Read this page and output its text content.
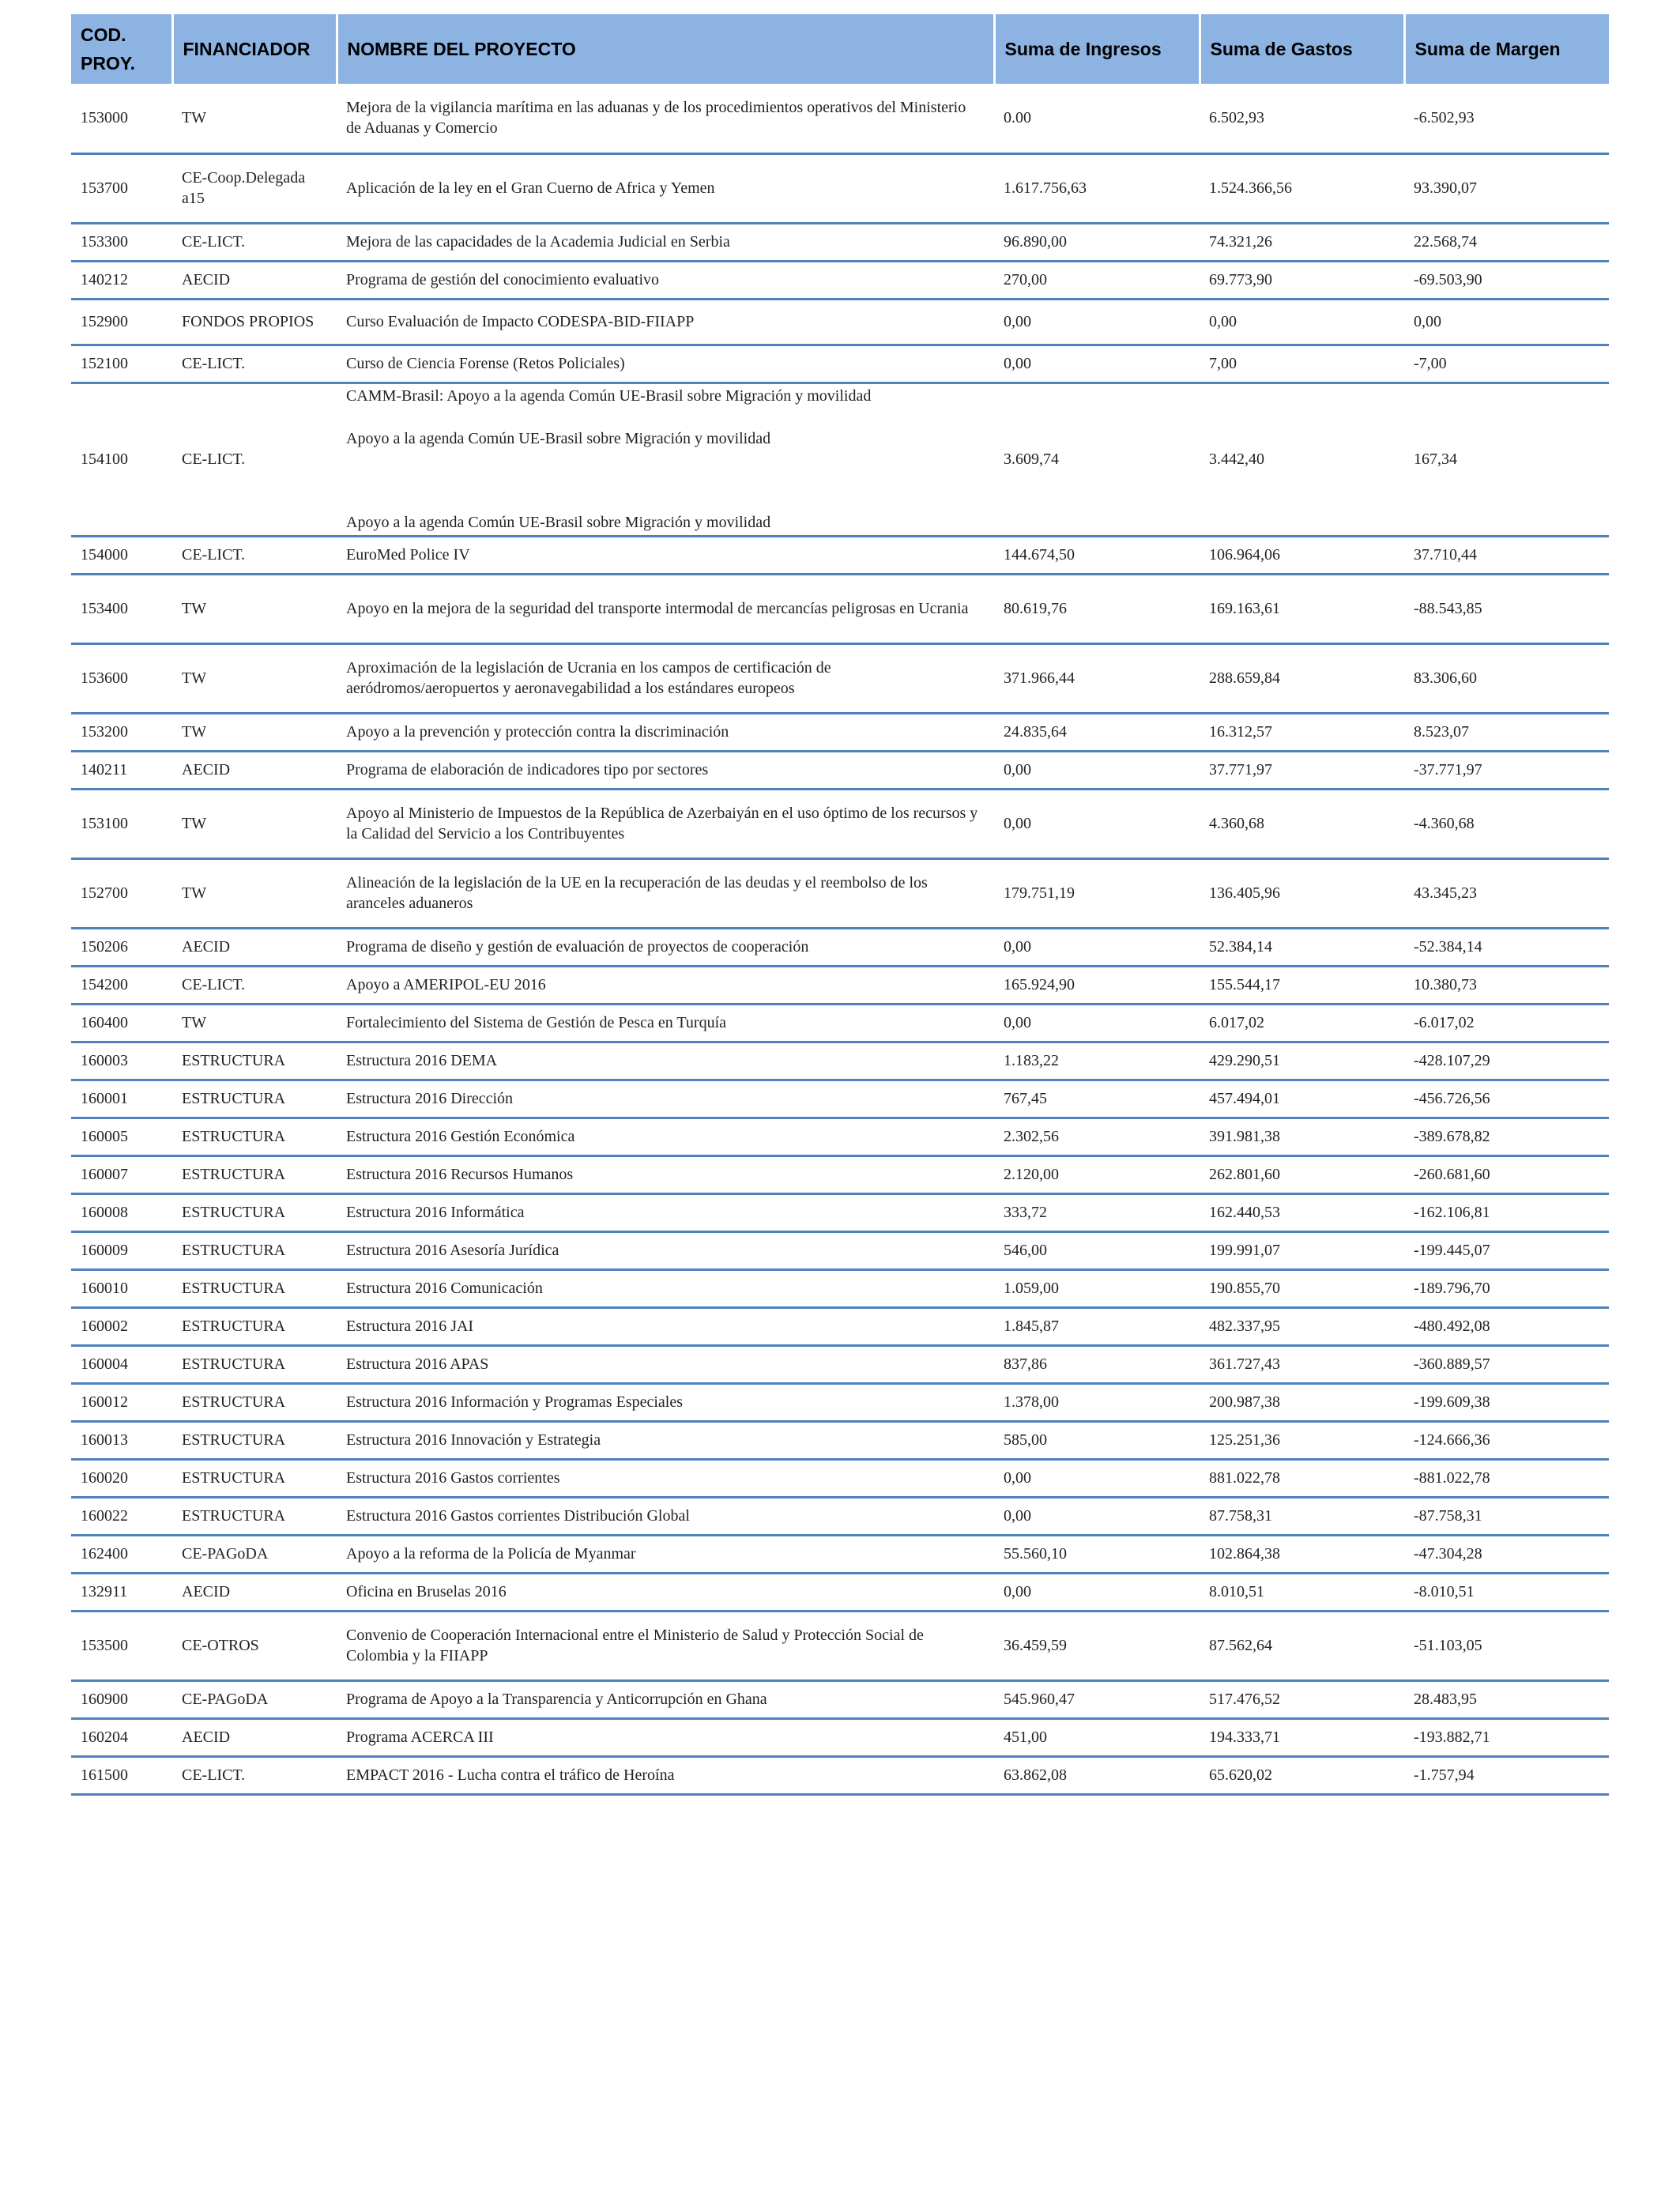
COD. PROY.	FINANCIADOR	NOMBRE DEL PROYECTO	Suma de Ingresos	Suma de Gastos	Suma de Margen
153000	TW	Mejora de la vigilancia marítima en las aduanas y de los procedimientos operativos del Ministerio de Aduanas y Comercio	0.00	6.502,93	-6.502,93
153700	CE-Coop.Delegada a15	Aplicación de la ley en el Gran Cuerno de Africa y Yemen	1.617.756,63	1.524.366,56	93.390,07
153300	CE-LICT.	Mejora de las capacidades de la Academia Judicial en Serbia	96.890,00	74.321,26	22.568,74
140212	AECID	Programa de gestión del conocimiento evaluativo	270,00	69.773,90	-69.503,90
152900	FONDOS PROPIOS	Curso Evaluación de Impacto CODESPA-BID-FIIAPP	0,00	0,00	0,00
152100	CE-LICT.	Curso de Ciencia Forense (Retos Policiales)	0,00	7,00	-7,00
154100	CE-LICT.	CAMM-Brasil: Apoyo a la agenda Común UE-Brasil sobre Migración y movilidad
Apoyo a la agenda Común UE-Brasil sobre Migración y movilidad
Apoyo a la agenda Común UE-Brasil sobre Migración y movilidad	3.609,74	3.442,40	167,34
154000	CE-LICT.	EuroMed Police IV	144.674,50	106.964,06	37.710,44
153400	TW	Apoyo en la mejora de la seguridad del transporte intermodal de mercancías peligrosas en Ucrania	80.619,76	169.163,61	-88.543,85
153600	TW	Aproximación de la legislación de Ucrania en los campos de certificación de aeródromos/aeropuertos y aeronavegabilidad a los estándares europeos	371.966,44	288.659,84	83.306,60
153200	TW	Apoyo a la prevención y protección contra la discriminación	24.835,64	16.312,57	8.523,07
140211	AECID	Programa de elaboración de indicadores tipo por sectores	0,00	37.771,97	-37.771,97
153100	TW	Apoyo al Ministerio de Impuestos de la República de Azerbaiyán en el uso óptimo de los recursos y la Calidad del Servicio a los Contribuyentes	0,00	4.360,68	-4.360,68
152700	TW	Alineación de la legislación de la UE en la recuperación de las deudas y el reembolso de los aranceles aduaneros	179.751,19	136.405,96	43.345,23
150206	AECID	Programa de diseño y gestión de evaluación de proyectos de cooperación	0,00	52.384,14	-52.384,14
154200	CE-LICT.	Apoyo a AMERIPOL-EU 2016	165.924,90	155.544,17	10.380,73
160400	TW	Fortalecimiento del Sistema de Gestión de Pesca en Turquía	0,00	6.017,02	-6.017,02
160003	ESTRUCTURA	Estructura 2016 DEMA	1.183,22	429.290,51	-428.107,29
160001	ESTRUCTURA	Estructura 2016 Dirección	767,45	457.494,01	-456.726,56
160005	ESTRUCTURA	Estructura 2016 Gestión Económica	2.302,56	391.981,38	-389.678,82
160007	ESTRUCTURA	Estructura 2016 Recursos Humanos	2.120,00	262.801,60	-260.681,60
160008	ESTRUCTURA	Estructura 2016 Informática	333,72	162.440,53	-162.106,81
160009	ESTRUCTURA	Estructura 2016 Asesoría Jurídica	546,00	199.991,07	-199.445,07
160010	ESTRUCTURA	Estructura 2016 Comunicación	1.059,00	190.855,70	-189.796,70
160002	ESTRUCTURA	Estructura 2016 JAI	1.845,87	482.337,95	-480.492,08
160004	ESTRUCTURA	Estructura 2016 APAS	837,86	361.727,43	-360.889,57
160012	ESTRUCTURA	Estructura 2016 Información y Programas Especiales	1.378,00	200.987,38	-199.609,38
160013	ESTRUCTURA	Estructura 2016 Innovación y Estrategia	585,00	125.251,36	-124.666,36
160020	ESTRUCTURA	Estructura 2016 Gastos corrientes	0,00	881.022,78	-881.022,78
160022	ESTRUCTURA	Estructura 2016 Gastos corrientes Distribución Global	0,00	87.758,31	-87.758,31
162400	CE-PAGoDA	Apoyo a la reforma de la Policía de Myanmar	55.560,10	102.864,38	-47.304,28
132911	AECID	Oficina en Bruselas 2016	0,00	8.010,51	-8.010,51
153500	CE-OTROS	Convenio de Cooperación Internacional entre el Ministerio de Salud y Protección Social de Colombia y la FIIAPP	36.459,59	87.562,64	-51.103,05
160900	CE-PAGoDA	Programa de Apoyo a la Transparencia y Anticorrupción en Ghana	545.960,47	517.476,52	28.483,95
160204	AECID	Programa ACERCA III	451,00	194.333,71	-193.882,71
161500	CE-LICT.	EMPACT 2016 - Lucha contra el tráfico de Heroína	63.862,08	65.620,02	-1.757,94
